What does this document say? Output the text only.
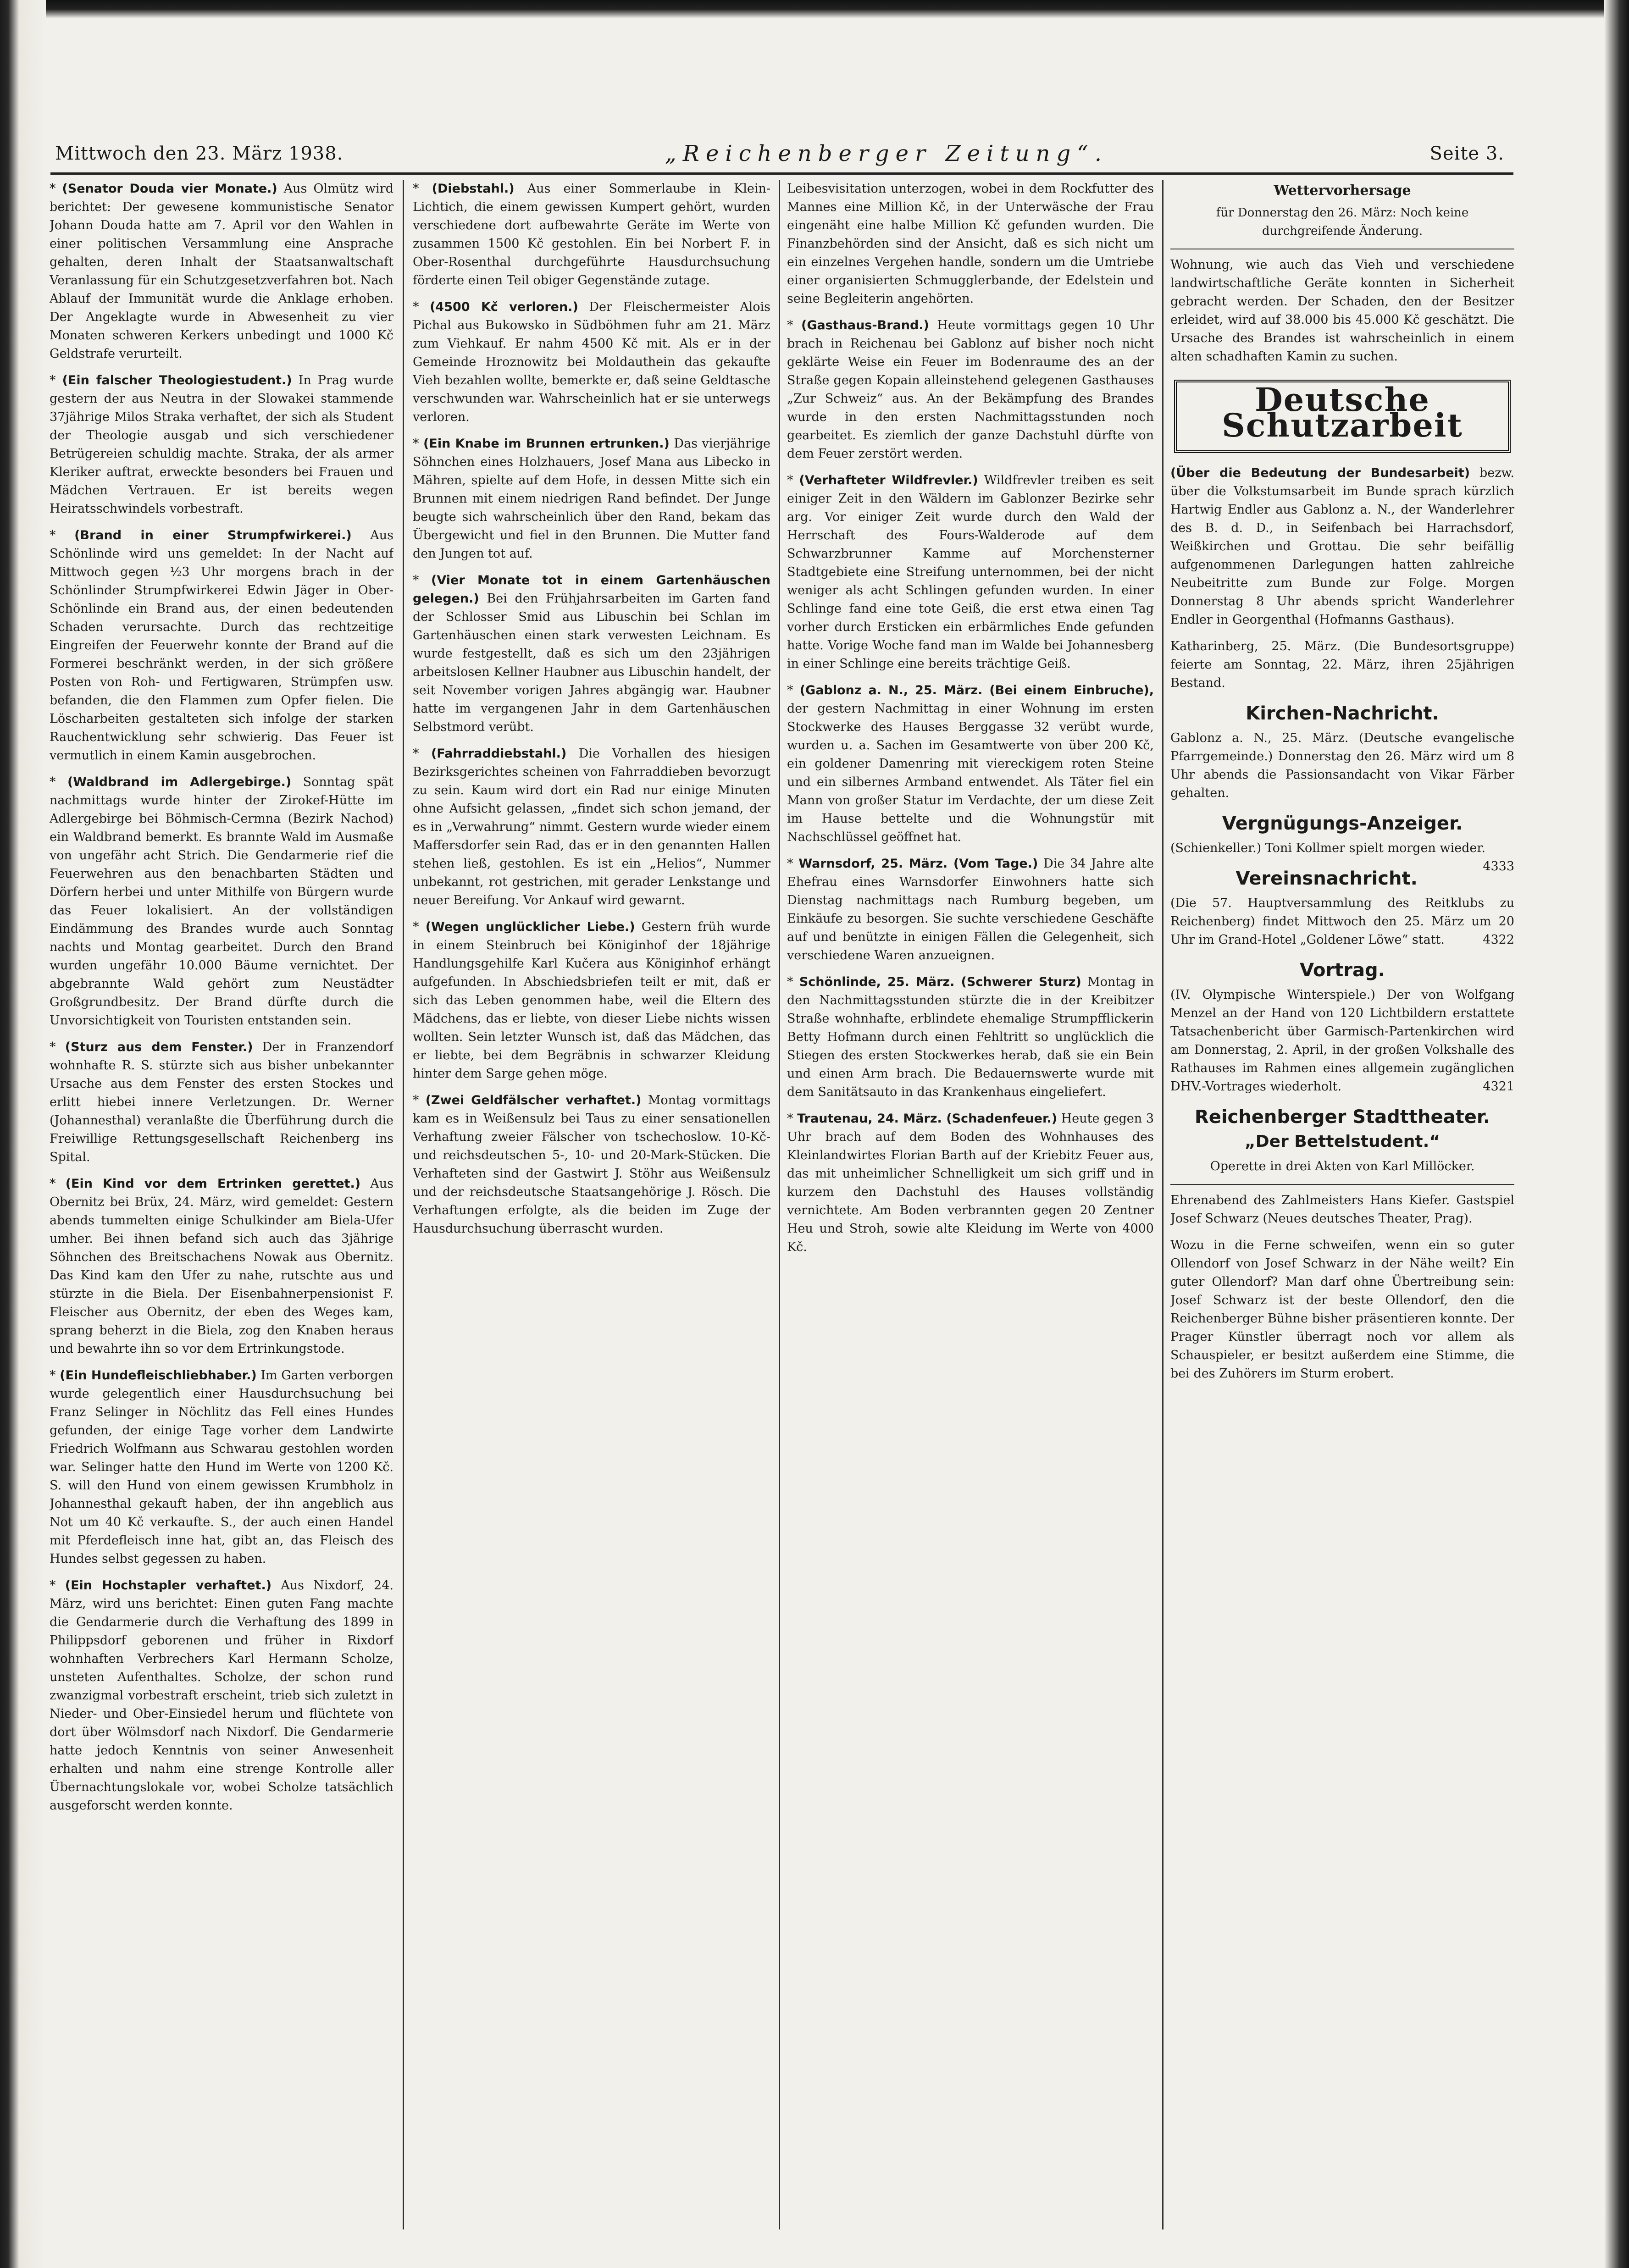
Mittwoch den 23. März 1938.	„Reichenberger Zeitung“.	Seite 3.

* (Senator Douda vier Monate.) Aus Olmütz wird berichtet: Der gewesene kommunistische Senator Johann Douda hatte am 7. April vor den Wahlen in einer politischen Versammlung eine Ansprache gehalten, deren Inhalt der Staatsanwaltschaft Veranlassung für ein Schutzgesetzverfahren bot. Nach Ablauf der Immunität wurde die Anklage erhoben. Der Angeklagte wurde in Abwesenheit zu vier Monaten schweren Kerkers unbedingt und 1000 Kč Geldstrafe verurteilt.

* (Ein falscher Theologiestudent.) In Prag wurde gestern der aus Neutra in der Slowakei stammende 37jährige Milos Straka verhaftet, der sich als Student der Theologie ausgab und sich verschiedener Betrügereien schuldig machte. Straka, der als armer Kleriker auftrat, erweckte besonders bei Frauen und Mädchen Vertrauen. Er ist bereits wegen Heiratsschwindels vorbestraft.

* (Brand in einer Strumpfwirkerei.) Aus Schönlinde wird uns gemeldet: In der Nacht auf Mittwoch gegen ½3 Uhr morgens brach in der Schönlinder Strumpfwirkerei Edwin Jäger in Ober-Schönlinde ein Brand aus, der einen bedeutenden Schaden verursachte. Durch das rechtzeitige Eingreifen der Feuerwehr konnte der Brand auf die Formerei beschränkt werden, in der sich größere Posten von Roh- und Fertigwaren, Strümpfen usw. befanden, die den Flammen zum Opfer fielen. Die Löscharbeiten gestalteten sich infolge der starken Rauchentwicklung sehr schwierig. Das Feuer ist vermutlich in einem Kamin ausgebrochen.

* (Waldbrand im Adlergebirge.) Sonntag spät nachmittags wurde hinter der Zirokef-Hütte im Adlergebirge bei Böhmisch-Cermna (Bezirk Nachod) ein Waldbrand bemerkt. Es brannte Wald im Ausmaße von ungefähr acht Strich. Die Gendarmerie rief die Feuerwehren aus den benachbarten Städten und Dörfern herbei und unter Mithilfe von Bürgern wurde das Feuer lokalisiert. An der vollständigen Eindämmung des Brandes wurde auch Sonntag nachts und Montag gearbeitet. Durch den Brand wurden ungefähr 10.000 Bäume vernichtet. Der abgebrannte Wald gehört zum Neustädter Großgrundbesitz. Der Brand dürfte durch die Unvorsichtigkeit von Touristen entstanden sein.

* (Sturz aus dem Fenster.) Der in Franzendorf wohnhafte R. S. stürzte sich aus bisher unbekannter Ursache aus dem Fenster des ersten Stockes und erlitt hiebei innere Verletzungen. Dr. Werner (Johannesthal) veranlaßte die Überführung durch die Freiwillige Rettungsgesellschaft Reichenberg ins Spital.

* (Ein Kind vor dem Ertrinken gerettet.) Aus Obernitz bei Brüx, 24. März, wird gemeldet: Gestern abends tummelten einige Schulkinder am Biela-Ufer umher. Bei ihnen befand sich auch das 3jährige Söhnchen des Breitschachens Nowak aus Obernitz. Das Kind kam den Ufer zu nahe, rutschte aus und stürzte in die Biela. Der Eisenbahnerpensionist F. Fleischer aus Obernitz, der eben des Weges kam, sprang beherzt in die Biela, zog den Knaben heraus und bewahrte ihn so vor dem Ertrinkungstode.

* (Ein Hundefleischliebhaber.) Im Garten verborgen wurde gelegentlich einer Hausdurchsuchung bei Franz Selinger in Nöchlitz das Fell eines Hundes gefunden, der einige Tage vorher dem Landwirte Friedrich Wolfmann aus Schwarau gestohlen worden war. Selinger hatte den Hund im Werte von 1200 Kč. S. will den Hund von einem gewissen Krumbholz in Johannesthal gekauft haben, der ihn angeblich aus Not um 40 Kč verkaufte. S., der auch einen Handel mit Pferdefleisch inne hat, gibt an, das Fleisch des Hundes selbst gegessen zu haben.

* (Ein Hochstapler verhaftet.) Aus Nixdorf, 24. März, wird uns berichtet: Einen guten Fang machte die Gendarmerie durch die Verhaftung des 1899 in Philippsdorf geborenen und früher in Rixdorf wohnhaften Verbrechers Karl Hermann Scholze, unsteten Aufenthaltes. Scholze, der schon rund zwanzigmal vorbestraft erscheint, trieb sich zuletzt in Nieder- und Ober-Einsiedel herum und flüchtete von dort über Wölmsdorf nach Nixdorf. Die Gendarmerie hatte jedoch Kenntnis von seiner Anwesenheit erhalten und nahm eine strenge Kontrolle aller Übernachtungslokale vor, wobei Scholze tatsächlich ausgeforscht werden konnte.

* (Diebstahl.) Aus einer Sommerlaube in Klein-Lichtich, die einem gewissen Kumpert gehört, wurden verschiedene dort aufbewahrte Geräte im Werte von zusammen 1500 Kč gestohlen. Ein bei Norbert F. in Ober-Rosenthal durchgeführte Hausdurchsuchung förderte einen Teil obiger Gegenstände zutage.

* (4500 Kč verloren.) Der Fleischermeister Alois Pichal aus Bukowsko in Südböhmen fuhr am 21. März zum Viehkauf. Er nahm 4500 Kč mit. Als er in der Gemeinde Hroznowitz bei Moldauthein das gekaufte Vieh bezahlen wollte, bemerkte er, daß seine Geldtasche verschwunden war. Wahrscheinlich hat er sie unterwegs verloren.

* (Ein Knabe im Brunnen ertrunken.) Das vierjährige Söhnchen eines Holzhauers, Josef Mana aus Libecko in Mähren, spielte auf dem Hofe, in dessen Mitte sich ein Brunnen mit einem niedrigen Rand befindet. Der Junge beugte sich wahrscheinlich über den Rand, bekam das Übergewicht und fiel in den Brunnen. Die Mutter fand den Jungen tot auf.

* (Vier Monate tot in einem Gartenhäuschen gelegen.) Bei den Frühjahrsarbeiten im Garten fand der Schlosser Smid aus Libuschin bei Schlan im Gartenhäuschen einen stark verwesten Leichnam. Es wurde festgestellt, daß es sich um den 23jährigen arbeitslosen Kellner Haubner aus Libuschin handelt, der seit November vorigen Jahres abgängig war. Haubner hatte im vergangenen Jahr in dem Gartenhäuschen Selbstmord verübt.

* (Fahrraddiebstahl.) Die Vorhallen des hiesigen Bezirksgerichtes scheinen von Fahrraddieben bevorzugt zu sein. Kaum wird dort ein Rad nur einige Minuten ohne Aufsicht gelassen, „findet sich schon jemand, der es in „Verwahrung“ nimmt. Gestern wurde wieder einem Maffersdorfer sein Rad, das er in den genannten Hallen stehen ließ, gestohlen. Es ist ein „Helios“, Nummer unbekannt, rot gestrichen, mit gerader Lenkstange und neuer Bereifung. Vor Ankauf wird gewarnt.

* (Wegen unglücklicher Liebe.) Gestern früh wurde in einem Steinbruch bei Königinhof der 18jährige Handlungsgehilfe Karl Kučera aus Königinhof erhängt aufgefunden. In Abschiedsbriefen teilt er mit, daß er sich das Leben genommen habe, weil die Eltern des Mädchens, das er liebte, von dieser Liebe nichts wissen wollten. Sein letzter Wunsch ist, daß das Mädchen, das er liebte, bei dem Begräbnis in schwarzer Kleidung hinter dem Sarge gehen möge.

* (Zwei Geldfälscher verhaftet.) Montag vormittags kam es in Weißensulz bei Taus zu einer sensationellen Verhaftung zweier Fälscher von tschechoslow. 10-Kč- und reichsdeutschen 5-, 10- und 20-Mark-Stücken. Die Verhafteten sind der Gastwirt J. Stöhr aus Weißensulz und der reichsdeutsche Staatsangehörige J. Rösch. Die Verhaftungen erfolgte, als die beiden im Zuge der Hausdurchsuchung überrascht wurden.

Leibesvisitation unterzogen, wobei in dem Rockfutter des Mannes eine Million Kč, in der Unterwäsche der Frau eingenäht eine halbe Million Kč gefunden wurden. Die Finanzbehörden sind der Ansicht, daß es sich nicht um ein einzelnes Vergehen handle, sondern um die Umtriebe einer organisierten Schmugglerbande, der Edelstein und seine Begleiterin angehörten.

* (Gasthaus-Brand.) Heute vormittags gegen 10 Uhr brach in Reichenau bei Gablonz auf bisher noch nicht geklärte Weise ein Feuer im Bodenraume des an der Straße gegen Kopain alleinstehend gelegenen Gasthauses „Zur Schweiz“ aus. An der Bekämpfung des Brandes wurde in den ersten Nachmittagsstunden noch gearbeitet. Es ziemlich der ganze Dachstuhl dürfte von dem Feuer zerstört werden.

* (Verhafteter Wildfrevler.) Wildfrevler treiben es seit einiger Zeit in den Wäldern im Gablonzer Bezirke sehr arg. Vor einiger Zeit wurde durch den Wald der Herrschaft des Fours-Walderode auf dem Schwarzbrunner Kamme auf Morchensterner Stadtgebiete eine Streifung unternommen, bei der nicht weniger als acht Schlingen gefunden wurden. In einer Schlinge fand eine tote Geiß, die erst etwa einen Tag vorher durch Ersticken ein erbärmliches Ende gefunden hatte. Vorige Woche fand man im Walde bei Johannesberg in einer Schlinge eine bereits trächtige Geiß.

* (Gablonz a. N., 25. März. (Bei einem Einbruche), der gestern Nachmittag in einer Wohnung im ersten Stockwerke des Hauses Berggasse 32 verübt wurde, wurden u. a. Sachen im Gesamtwerte von über 200 Kč, ein goldener Damenring mit viereckigem roten Steine und ein silbernes Armband entwendet. Als Täter fiel ein Mann von großer Statur im Verdachte, der um diese Zeit im Hause bettelte und die Wohnungstür mit Nachschlüssel geöffnet hat.

* Warnsdorf, 25. März. (Vom Tage.) Die 34 Jahre alte Ehefrau eines Warnsdorfer Einwohners hatte sich Dienstag nachmittags nach Rumburg begeben, um Einkäufe zu besorgen. Sie suchte verschiedene Geschäfte auf und benützte in einigen Fällen die Gelegenheit, sich verschiedene Waren anzueignen.

* Schönlinde, 25. März. (Schwerer Sturz) Montag in den Nachmittagsstunden stürzte die in der Kreibitzer Straße wohnhafte, erblindete ehemalige Strumpfflickerin Betty Hofmann durch einen Fehltritt so unglücklich die Stiegen des ersten Stockwerkes herab, daß sie ein Bein und einen Arm brach. Die Bedauernswerte wurde mit dem Sanitätsauto in das Krankenhaus eingeliefert.

* Trautenau, 24. März. (Schadenfeuer.) Heute gegen 3 Uhr brach auf dem Boden des Wohnhauses des Kleinlandwirtes Florian Barth auf der Kriebitz Feuer aus, das mit unheimlicher Schnelligkeit um sich griff und in kurzem den Dachstuhl des Hauses vollständig vernichtete. Am Boden verbrannten gegen 20 Zentner Heu und Stroh, sowie alte Kleidung im Werte von 4000 Kč.

Wettervorhersage

für Donnerstag den 26. März: Noch keine durchgreifende Änderung.

Wohnung, wie auch das Vieh und verschiedene landwirtschaftliche Geräte konnten in Sicherheit gebracht werden. Der Schaden, den der Besitzer erleidet, wird auf 38.000 bis 45.000 Kč geschätzt. Die Ursache des Brandes ist wahrscheinlich in einem alten schadhaften Kamin zu suchen.

Deutsche Schutzarbeit

(Über die Bedeutung der Bundesarbeit) bezw. über die Volkstumsarbeit im Bunde sprach kürzlich Hartwig Endler aus Gablonz a. N., der Wanderlehrer des B. d. D., in Seifenbach bei Harrachsdorf, Weißkirchen und Grottau. Die sehr beifällig aufgenommenen Darlegungen hatten zahlreiche Neubeitritte zum Bunde zur Folge. Morgen Donnerstag 8 Uhr abends spricht Wanderlehrer Endler in Georgenthal (Hofmanns Gasthaus).

Katharinberg, 25. März. (Die Bundesortsgruppe) feierte am Sonntag, 22. März, ihren 25jährigen Bestand.

Kirchen-Nachricht.

Gablonz a. N., 25. März. (Deutsche evangelische Pfarrgemeinde.) Donnerstag den 26. März wird um 8 Uhr abends die Passionsandacht von Vikar Färber gehalten.

Vergnügungs-Anzeiger.

(Schienkeller.) Toni Kollmer spielt morgen wieder.
4333

Vereinsnachricht.

(Die 57. Hauptversammlung des Reitklubs zu Reichenberg) findet Mittwoch den 25. März um 20 Uhr im Grand-Hotel „Goldener Löwe“ statt.	4322

Vortrag.

(IV. Olympische Winterspiele.) Der von Wolfgang Menzel an der Hand von 120 Lichtbildern erstattete Tatsachenbericht über Garmisch-Partenkirchen wird am Donnerstag, 2. April, in der großen Volkshalle des Rathauses im Rahmen eines allgemein zugänglichen DHV.-Vortrages wiederholt.	4321

Reichenberger Stadttheater.
„Der Bettelstudent.“

Operette in drei Akten von Karl Millöcker.

Ehrenabend des Zahlmeisters Hans Kiefer. Gastspiel Josef Schwarz (Neues deutsches Theater, Prag).

Wozu in die Ferne schweifen, wenn ein so guter Ollendorf von Josef Schwarz in der Nähe weilt? Ein guter Ollendorf? Man darf ohne Übertreibung sein: Josef Schwarz ist der beste Ollendorf, den die Reichenberger Bühne bisher präsentieren konnte. Der Prager Künstler überragt noch vor allem als Schauspieler, er besitzt außerdem eine Stimme, die bei des Zuhörers im Sturm erobert.
